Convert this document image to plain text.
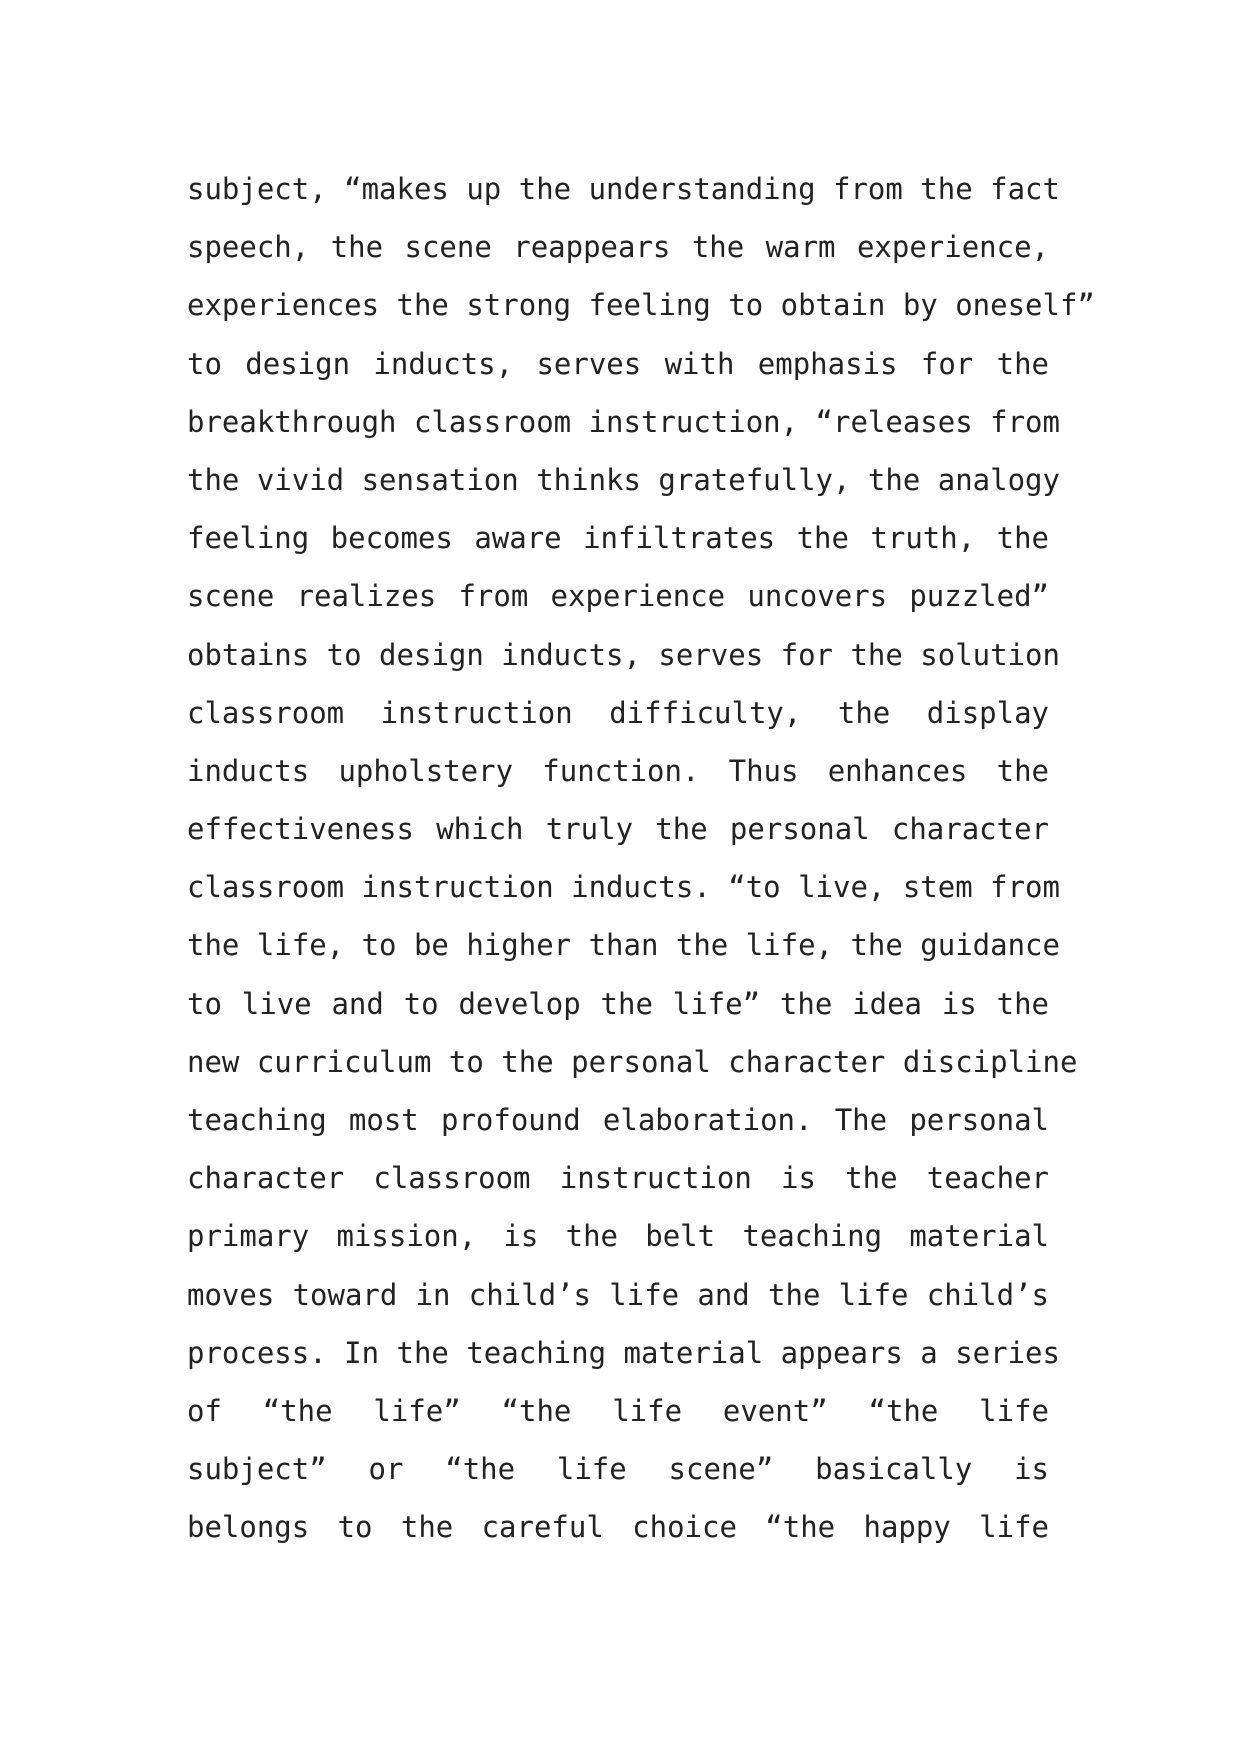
subject, “makes up the understanding from the fact
speech, the scene reappears the warm experience,
experiences the strong feeling to obtain by oneself”
to design inducts, serves with emphasis for the
breakthrough classroom instruction, “releases from
the vivid sensation thinks gratefully, the analogy
feeling becomes aware infiltrates the truth, the
scene realizes from experience uncovers puzzled”
obtains to design inducts, serves for the solution
classroom instruction difficulty, the display
inducts upholstery function. Thus enhances the
effectiveness which truly the personal character
classroom instruction inducts. “to live, stem from
the life, to be higher than the life, the guidance
to live and to develop the life” the idea is the
new curriculum to the personal character discipline
teaching most profound elaboration. The personal
character classroom instruction is the teacher
primary mission, is the belt teaching material
moves toward in child’s life and the life child’s
process. In the teaching material appears a series
of “the life” “the life event” “the life
subject” or “the life scene” basically is
belongs to the careful choice “the happy life
